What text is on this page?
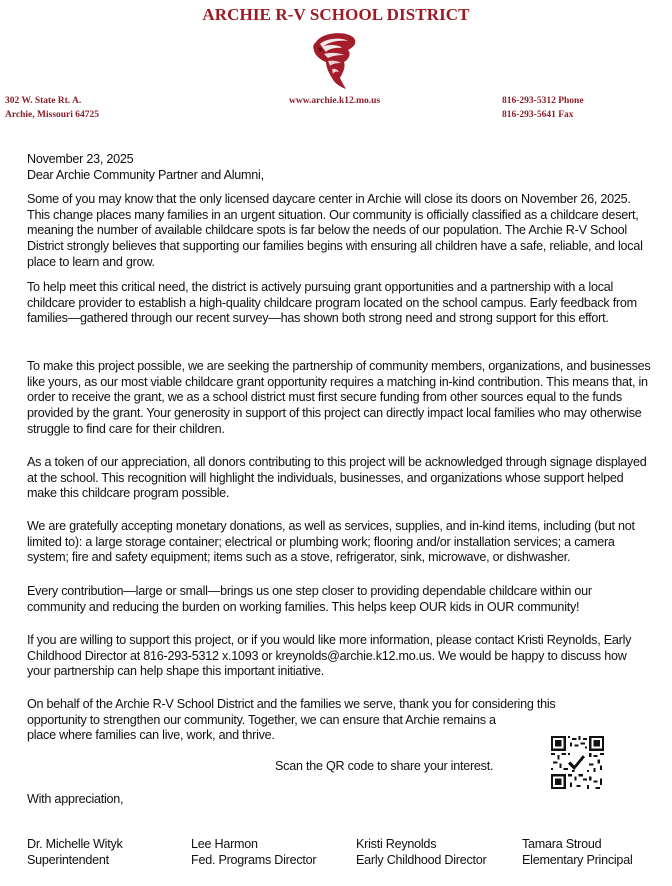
ARCHIE R-V SCHOOL DISTRICT
302 W. State Rt. A.
Archie, Missouri 64725
www.archie.k12.mo.us	816-293-5312 Phone
816-293-5641 Fax

November 23, 2025

Dear Archie Community Partner and Alumni,

Some of you may know that the only licensed daycare center in Archie will close its doors on November 26, 2025. This change places many families in an urgent situation. Our community is officially classified as a childcare desert, meaning the number of available childcare spots is far below the needs of our population. The Archie R-V School District strongly believes that supporting our families begins with ensuring all children have a safe, reliable, and local place to learn and grow.

To help meet this critical need, the district is actively pursuing grant opportunities and a partnership with a local childcare provider to establish a high-quality childcare program located on the school campus. Early feedback from families—gathered through our recent survey—has shown both strong need and strong support for this effort.

To make this project possible, we are seeking the partnership of community members, organizations, and businesses like yours, as our most viable childcare grant opportunity requires a matching in-kind contribution. This means that, in order to receive the grant, we as a school district must first secure funding from other sources equal to the funds provided by the grant. Your generosity in support of this project can directly impact local families who may otherwise struggle to find care for their children.

As a token of our appreciation, all donors contributing to this project will be acknowledged through signage displayed at the school. This recognition will highlight the individuals, businesses, and organizations whose support helped make this childcare program possible.

We are gratefully accepting monetary donations, as well as services, supplies, and in-kind items, including (but not limited to): a large storage container; electrical or plumbing work; flooring and/or installation services; a camera system; fire and safety equipment; items such as a stove, refrigerator, sink, microwave, or dishwasher.

Every contribution—large or small—brings us one step closer to providing dependable childcare within our community and reducing the burden on working families. This helps keep OUR kids in OUR community!

If you are willing to support this project, or if you would like more information, please contact Kristi Reynolds, Early Childhood Director at 816-293-5312 x.1093 or kreynolds@archie.k12.mo.us. We would be happy to discuss how your partnership can help shape this important initiative.

On behalf of the Archie R-V School District and the families we serve, thank you for considering this

opportunity to strengthen our community. Together, we can ensure that Archie remains a

place where families can live, work, and thrive.

Scan the QR code to share your interest.
With appreciation,
Dr. Michelle Wityk
Superintendent
Lee Harmon
Fed. Programs Director
Kristi Reynolds
Early Childhood Director
Tamara Stroud
Elementary Principal
